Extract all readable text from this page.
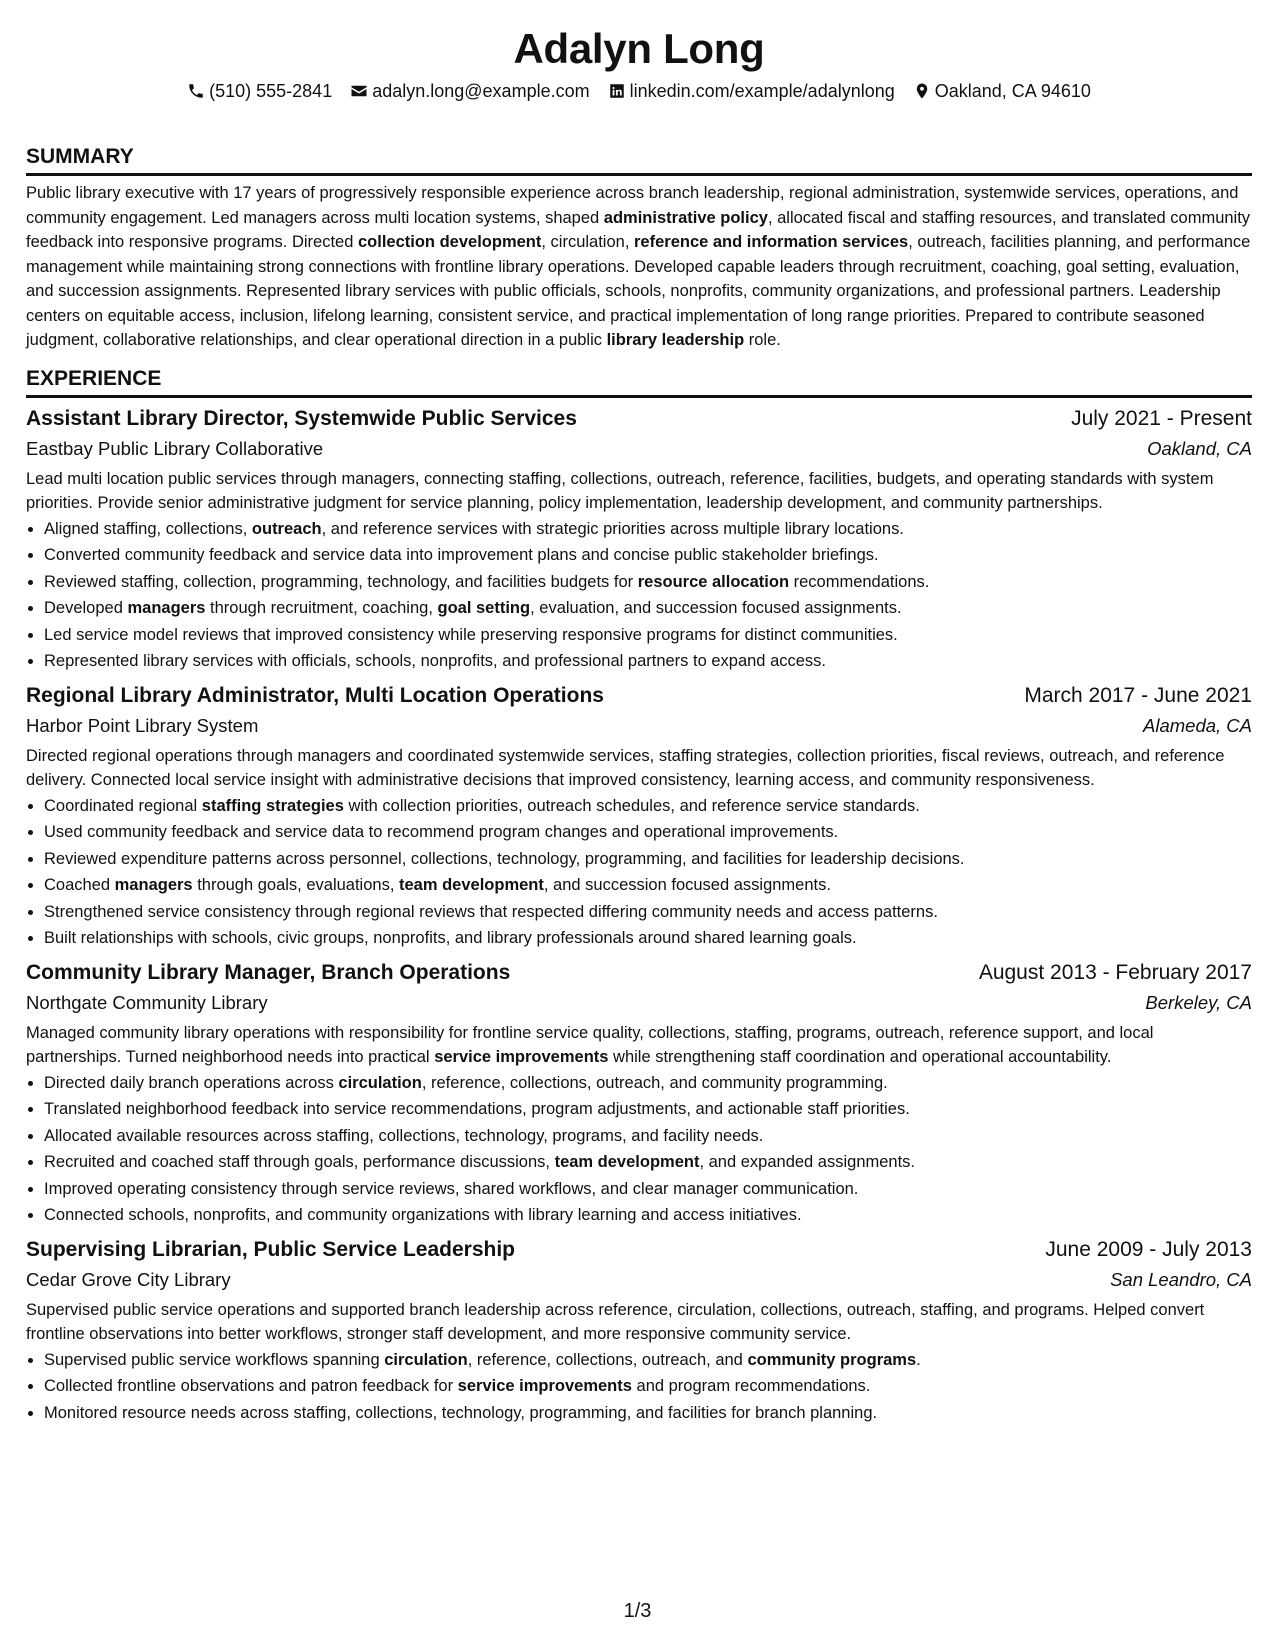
Adalyn Long
(510) 555-2841 adalyn.long@example.com linkedin.com/example/adalynlong Oakland, CA 94610
SUMMARY
Public library executive with 17 years of progressively responsible experience across branch leadership, regional administration, systemwide services, operations, and community engagement. Led managers across multi location systems, shaped administrative policy, allocated fiscal and staffing resources, and translated community feedback into responsive programs. Directed collection development, circulation, reference and information services, outreach, facilities planning, and performance management while maintaining strong connections with frontline library operations. Developed capable leaders through recruitment, coaching, goal setting, evaluation, and succession assignments. Represented library services with public officials, schools, nonprofits, community organizations, and professional partners. Leadership centers on equitable access, inclusion, lifelong learning, consistent service, and practical implementation of long range priorities. Prepared to contribute seasoned judgment, collaborative relationships, and clear operational direction in a public library leadership role.
EXPERIENCE
Assistant Library Director, Systemwide Public Services	July 2021 - Present
Eastbay Public Library Collaborative	Oakland, CA
Lead multi location public services through managers, connecting staffing, collections, outreach, reference, facilities, budgets, and operating standards with system priorities. Provide senior administrative judgment for service planning, policy implementation, leadership development, and community partnerships.
• Aligned staffing, collections, outreach, and reference services with strategic priorities across multiple library locations.
• Converted community feedback and service data into improvement plans and concise public stakeholder briefings.
• Reviewed staffing, collection, programming, technology, and facilities budgets for resource allocation recommendations.
• Developed managers through recruitment, coaching, goal setting, evaluation, and succession focused assignments.
• Led service model reviews that improved consistency while preserving responsive programs for distinct communities.
• Represented library services with officials, schools, nonprofits, and professional partners to expand access.
Regional Library Administrator, Multi Location Operations	March 2017 - June 2021
Harbor Point Library System	Alameda, CA
Directed regional operations through managers and coordinated systemwide services, staffing strategies, collection priorities, fiscal reviews, outreach, and reference delivery. Connected local service insight with administrative decisions that improved consistency, learning access, and community responsiveness.
• Coordinated regional staffing strategies with collection priorities, outreach schedules, and reference service standards.
• Used community feedback and service data to recommend program changes and operational improvements.
• Reviewed expenditure patterns across personnel, collections, technology, programming, and facilities for leadership decisions.
• Coached managers through goals, evaluations, team development, and succession focused assignments.
• Strengthened service consistency through regional reviews that respected differing community needs and access patterns.
• Built relationships with schools, civic groups, nonprofits, and library professionals around shared learning goals.
Community Library Manager, Branch Operations	August 2013 - February 2017
Northgate Community Library	Berkeley, CA
Managed community library operations with responsibility for frontline service quality, collections, staffing, programs, outreach, reference support, and local partnerships. Turned neighborhood needs into practical service improvements while strengthening staff coordination and operational accountability.
• Directed daily branch operations across circulation, reference, collections, outreach, and community programming.
• Translated neighborhood feedback into service recommendations, program adjustments, and actionable staff priorities.
• Allocated available resources across staffing, collections, technology, programs, and facility needs.
• Recruited and coached staff through goals, performance discussions, team development, and expanded assignments.
• Improved operating consistency through service reviews, shared workflows, and clear manager communication.
• Connected schools, nonprofits, and community organizations with library learning and access initiatives.
Supervising Librarian, Public Service Leadership	June 2009 - July 2013
Cedar Grove City Library	San Leandro, CA
Supervised public service operations and supported branch leadership across reference, circulation, collections, outreach, staffing, and programs. Helped convert frontline observations into better workflows, stronger staff development, and more responsive community service.
• Supervised public service workflows spanning circulation, reference, collections, outreach, and community programs.
• Collected frontline observations and patron feedback for service improvements and program recommendations.
• Monitored resource needs across staffing, collections, technology, programming, and facilities for branch planning.
1/3
